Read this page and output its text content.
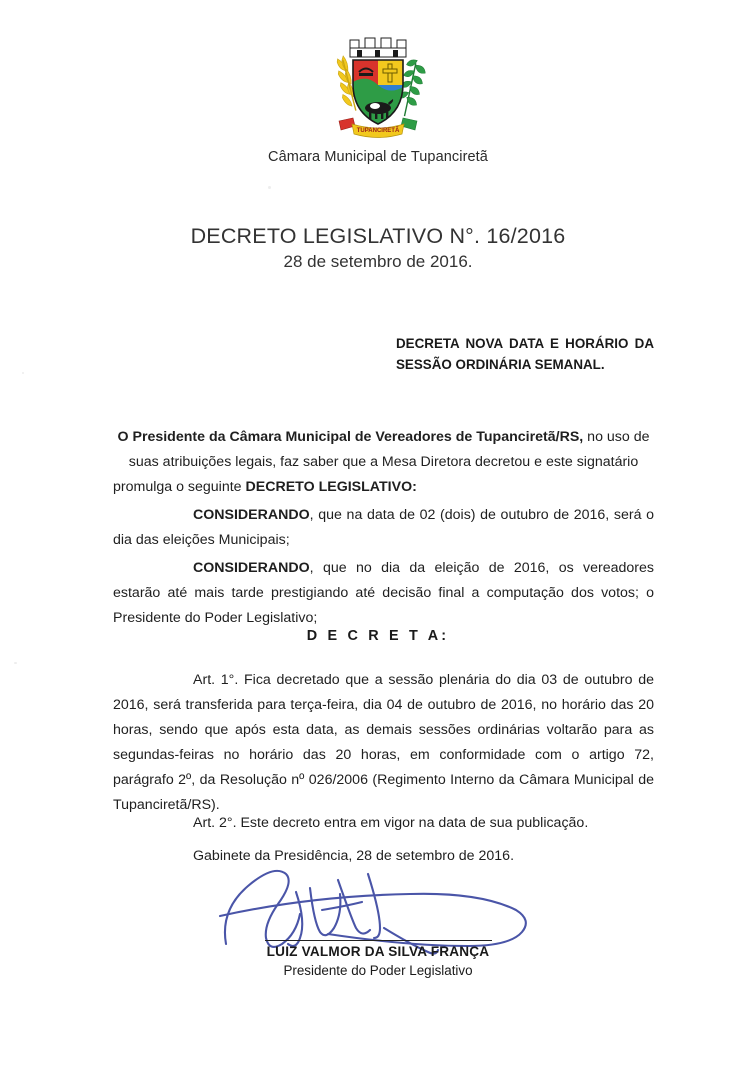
TUPANCIRETÃ
Câmara Municipal de Tupanciretã
DECRETO LEGISLATIVO N°. 16/2016
28 de setembro de 2016.
DECRETA NOVA DATA E HORÁRIO DA SESSÃO ORDINÁRIA SEMANAL.
O Presidente da Câmara Municipal de Vereadores de Tupanciretã/RS, no uso de suas atribuições legais, faz saber que a Mesa Diretora decretou e este signatário promulga o seguinte DECRETO LEGISLATIVO:
CONSIDERANDO, que na data de 02 (dois) de outubro de 2016, será o dia das eleições Municipais;
CONSIDERANDO, que no dia da eleição de 2016, os vereadores estarão até mais tarde prestigiando até decisão final a computação dos votos; o Presidente do Poder Legislativo;
D E C R E T A:
Art. 1°. Fica decretado que a sessão plenária do dia 03 de outubro de 2016, será transferida para terça-feira, dia 04 de outubro de 2016, no horário das 20 horas, sendo que após esta data, as demais sessões ordinárias voltarão para as segundas-feiras no horário das 20 horas, em conformidade com o artigo 72, parágrafo 2º, da Resolução nº 026/2006 (Regimento Interno da Câmara Municipal de Tupanciretã/RS).
Art. 2°. Este decreto entra em vigor na data de sua publicação.
Gabinete da Presidência, 28 de setembro de 2016.
LUIZ VALMOR DA SILVA FRANÇA
Presidente do Poder Legislativo
